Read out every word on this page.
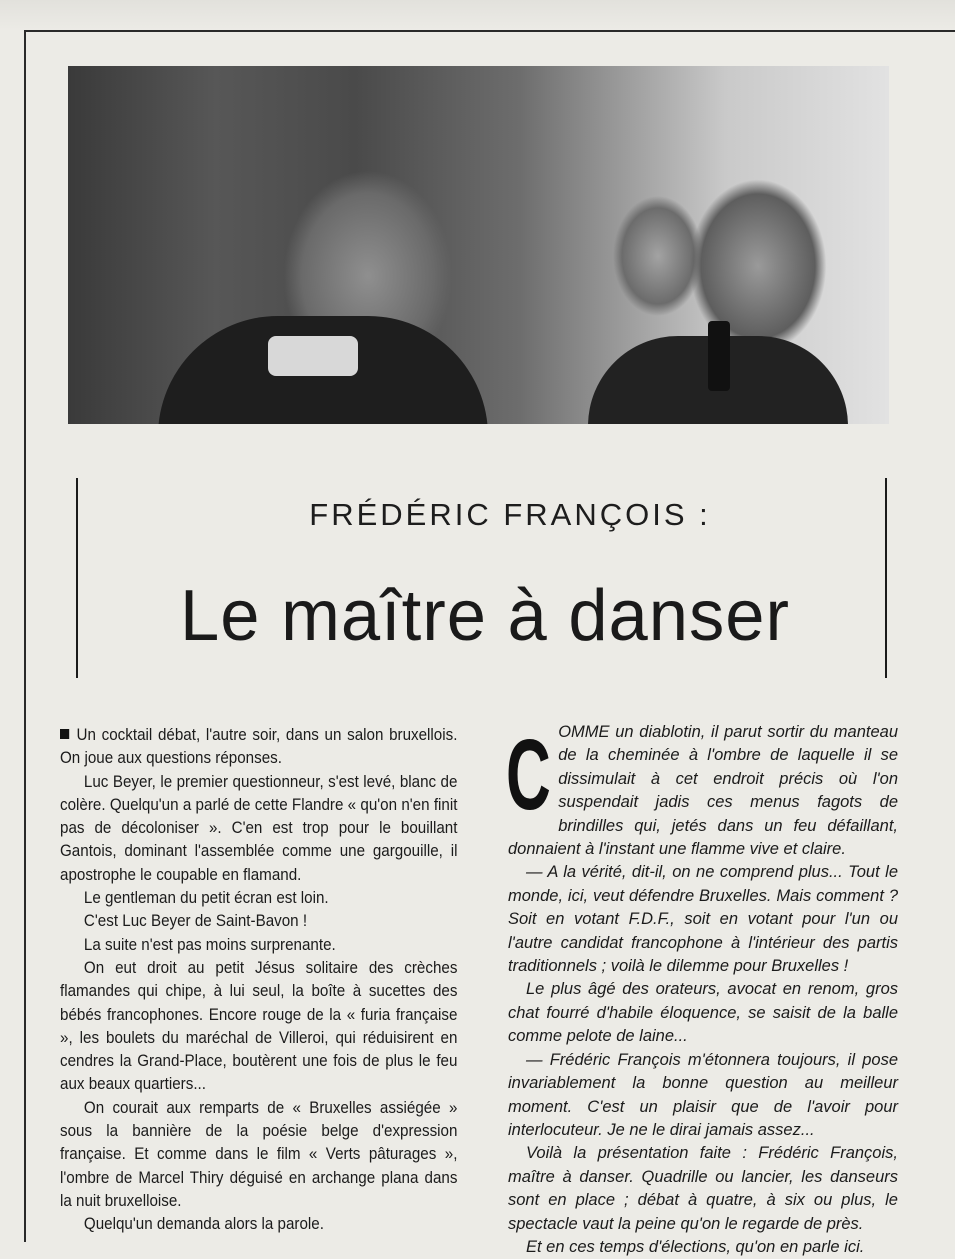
FRÉDÉRIC FRANÇOIS :
Le maître à danser

Un cocktail débat, l'autre soir, dans un salon bruxellois. On joue aux questions réponses.

Luc Beyer, le premier questionneur, s'est levé, blanc de colère. Quelqu'un a parlé de cette Flandre « qu'on n'en finit pas de décoloniser ». C'en est trop pour le bouillant Gantois, dominant l'assemblée comme une gargouille, il apostrophe le coupable en flamand.

Le gentleman du petit écran est loin.

C'est Luc Beyer de Saint-Bavon !

La suite n'est pas moins surprenante.

On eut droit au petit Jésus solitaire des crèches flamandes qui chipe, à lui seul, la boîte à sucettes des bébés francophones. Encore rouge de la « furia française », les boulets du maréchal de Villeroi, qui réduisirent en cendres la Grand-Place, boutèrent une fois de plus le feu aux beaux quartiers...

On courait aux remparts de « Bruxelles assiégée » sous la bannière de la poésie belge d'expression française. Et comme dans le film « Verts pâturages », l'ombre de Marcel Thiry déguisé en archange plana dans la nuit bruxelloise.

Quelqu'un demanda alors la parole.

COMME un diablotin, il parut sortir du manteau de la cheminée à l'ombre de laquelle il se dissimulait à cet endroit précis où l'on suspendait jadis ces menus fagots de brindilles qui, jetés dans un feu défaillant, donnaient à l'instant une flamme vive et claire.

— A la vérité, dit-il, on ne comprend plus... Tout le monde, ici, veut défendre Bruxelles. Mais comment ? Soit en votant F.D.F., soit en votant pour l'un ou l'autre candidat francophone à l'intérieur des partis traditionnels ; voilà le dilemme pour Bruxelles !

Le plus âgé des orateurs, avocat en renom, gros chat fourré d'habile éloquence, se saisit de la balle comme pelote de laine...

— Frédéric François m'étonnera toujours, il pose invariablement la bonne question au meilleur moment. C'est un plaisir que de l'avoir pour interlocuteur. Je ne le dirai jamais assez...

Voilà la présentation faite : Frédéric François, maître à danser. Quadrille ou lancier, les danseurs sont en place ; débat à quatre, à six ou plus, le spectacle vaut la peine qu'on le regarde de près.

Et en ces temps d'élections, qu'on en parle ici.
